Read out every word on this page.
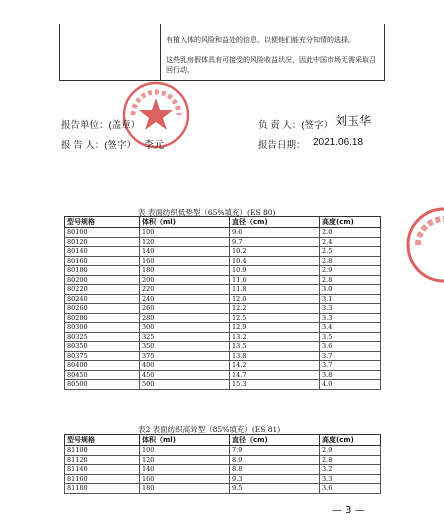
有植入体的风险和益处的信息，以便他们能充分知情的选择。
这些乳房假体具有可接受的风险收益状况，因此中国市场无需采取召
回行动。
报告单位：(盖章）
报 告 人：(签字） 李元
负 责 人：(签字） 刘玉华
报告日期： 2021.06.18
表 表面纺织低垫型（65%填充）(ES 80)
型号规格	体积（ml)	直径（cm)	高度(cm)
80100	100	9.6	2.0
80120	120	9.7	2.4
80140	140	10.2	2.5
80160	160	10.4	2.8
80180	180	10.9	2.9
80200	200	11.6	2.8
80220	220	11.8	3.0
80240	240	12.0	3.1
80260	260	12.2	3.3
80280	280	12.5	3.3
80300	300	12.9	3.4
80325	325	13.2	3.5
80350	350	13.5	3.6
80375	375	13.8	3.7
80400	400	14.2	3.7
80450	450	14.7	3.8
80500	500	15.3	4.0
表2 表面纺织高耸型（85%填充）(ES 81)
型号规格	体积（ml)	直径（cm)	高度(cm)
81100	100	7.9	2.9
81120	120	8.9	2.8
81140	140	8.8	3.2
81160	160	9.3	3.3
81180	180	9.5	3.6
— 3 —
